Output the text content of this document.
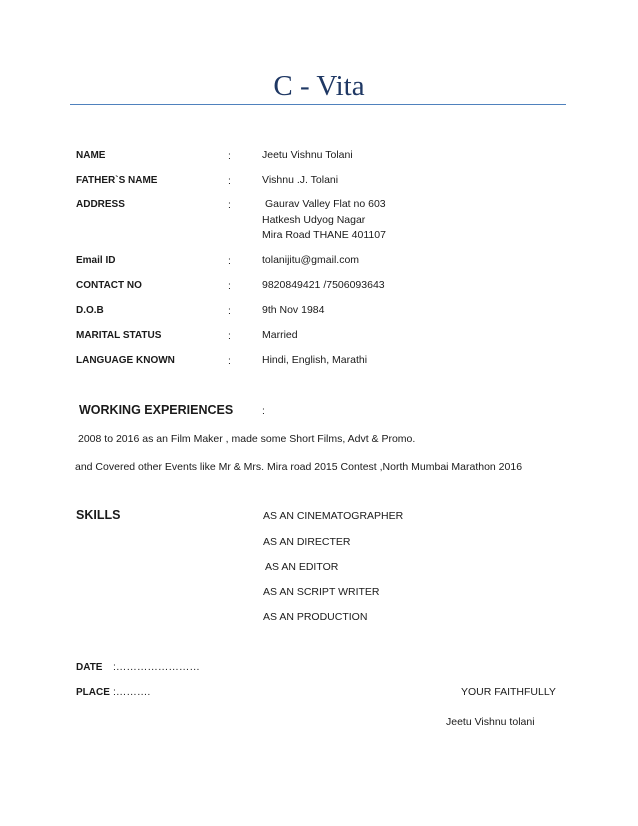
C - Vita
NAME	:	Jeetu Vishnu Tolani
FATHER`S NAME	:	Vishnu .J. Tolani
ADDRESS	:	Gaurav Valley Flat no 603
Hatkesh Udyog Nagar
Mira Road THANE 401107
Email ID	:	tolanijitu@gmail.com
CONTACT NO	:	9820849421 /7506093643
D.O.B	:	9th Nov 1984
MARITAL STATUS	:	Married
LANGUAGE KNOWN	:	Hindi, English, Marathi
WORKING EXPERIENCES	:
2008 to 2016 as an Film Maker , made some Short Films, Advt & Promo.
and Covered other Events like Mr & Mrs. Mira road 2015 Contest ,North Mumbai Marathon 2016
SKILLS	AS AN CINEMATOGRAPHER
AS AN DIRECTER
AS AN EDITOR
AS AN SCRIPT WRITER
AS AN PRODUCTION
DATE :……………………
PLACE :……….	YOUR FAITHFULLY
Jeetu Vishnu tolani
